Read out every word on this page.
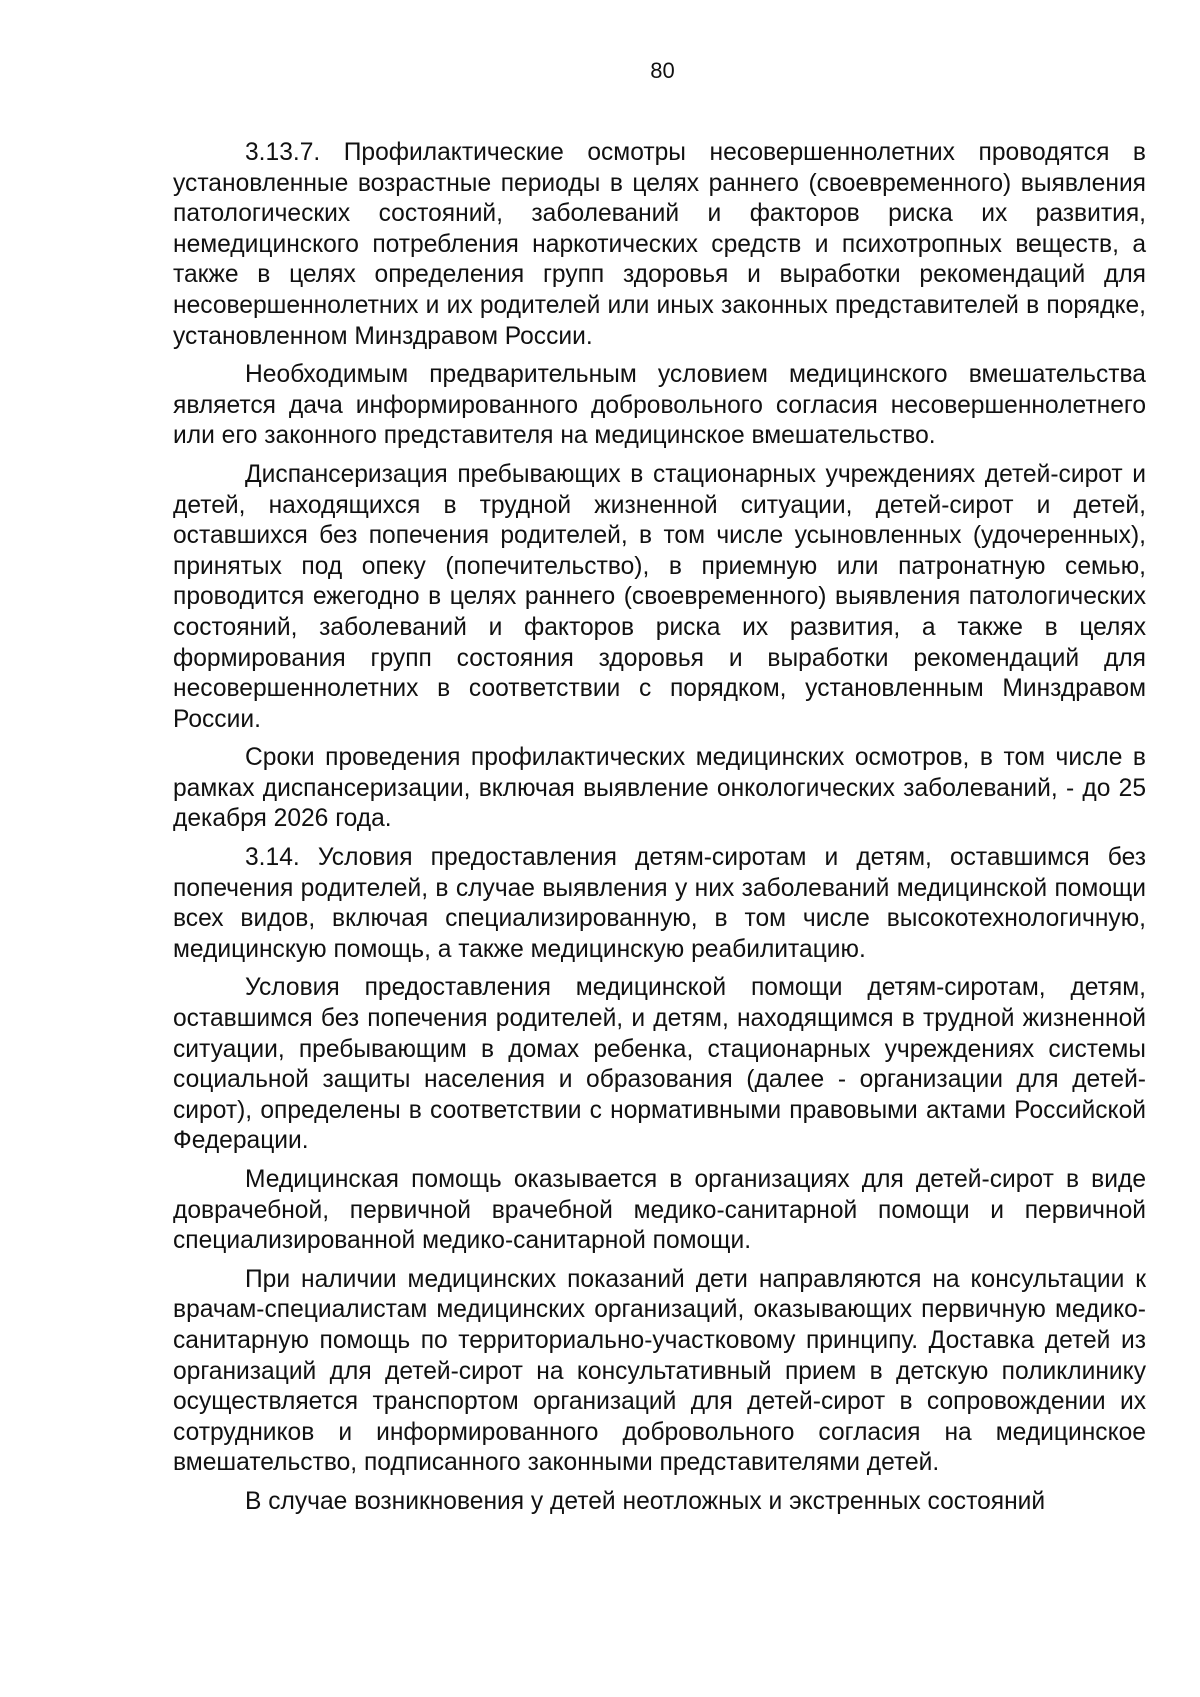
80

3.13.7. Профилактические осмотры несовершеннолетних проводятся в установленные возрастные периоды в целях раннего (своевременного) выявления патологических состояний, заболеваний и факторов риска их развития, немедицинского потребления наркотических средств и психотропных веществ, а также в целях определения групп здоровья и выработки рекомендаций для несовершеннолетних и их родителей или иных законных представителей в порядке, установленном Минздравом России.

Необходимым предварительным условием медицинского вмешательства является дача информированного добровольного согласия несовершеннолетнего или его законного представителя на медицинское вмешательство.

Диспансеризация пребывающих в стационарных учреждениях детей-сирот и детей, находящихся в трудной жизненной ситуации, детей-сирот и детей, оставшихся без попечения родителей, в том числе усыновленных (удочеренных), принятых под опеку (попечительство), в приемную или патронатную семью, проводится ежегодно в целях раннего (своевременного) выявления патологических состояний, заболеваний и факторов риска их развития, а также в целях формирования групп состояния здоровья и выработки рекомендаций для несовершеннолетних в соответствии с порядком, установленным Минздравом России.

Сроки проведения профилактических медицинских осмотров, в том числе в рамках диспансеризации, включая выявление онкологических заболеваний, - до 25 декабря 2026 года.

3.14. Условия предоставления детям-сиротам и детям, оставшимся без попечения родителей, в случае выявления у них заболеваний медицинской помощи всех видов, включая специализированную, в том числе высокотехнологичную, медицинскую помощь, а также медицинскую реабилитацию.

Условия предоставления медицинской помощи детям-сиротам, детям, оставшимся без попечения родителей, и детям, находящимся в трудной жизненной ситуации, пребывающим в домах ребенка, стационарных учреждениях системы социальной защиты населения и образования (далее - организации для детей-сирот), определены в соответствии с нормативными правовыми актами Российской Федерации.

Медицинская помощь оказывается в организациях для детей-сирот в виде доврачебной, первичной врачебной медико-санитарной помощи и первичной специализированной медико-санитарной помощи.

При наличии медицинских показаний дети направляются на консультации к врачам-специалистам медицинских организаций, оказывающих первичную медико-санитарную помощь по территориально-участковому принципу. Доставка детей из организаций для детей-сирот на консультативный прием в детскую поликлинику осуществляется транспортом организаций для детей-сирот в сопровождении их сотрудников и информированного добровольного согласия на медицинское вмешательство, подписанного законными представителями детей.

В случае возникновения у детей неотложных и экстренных состояний
